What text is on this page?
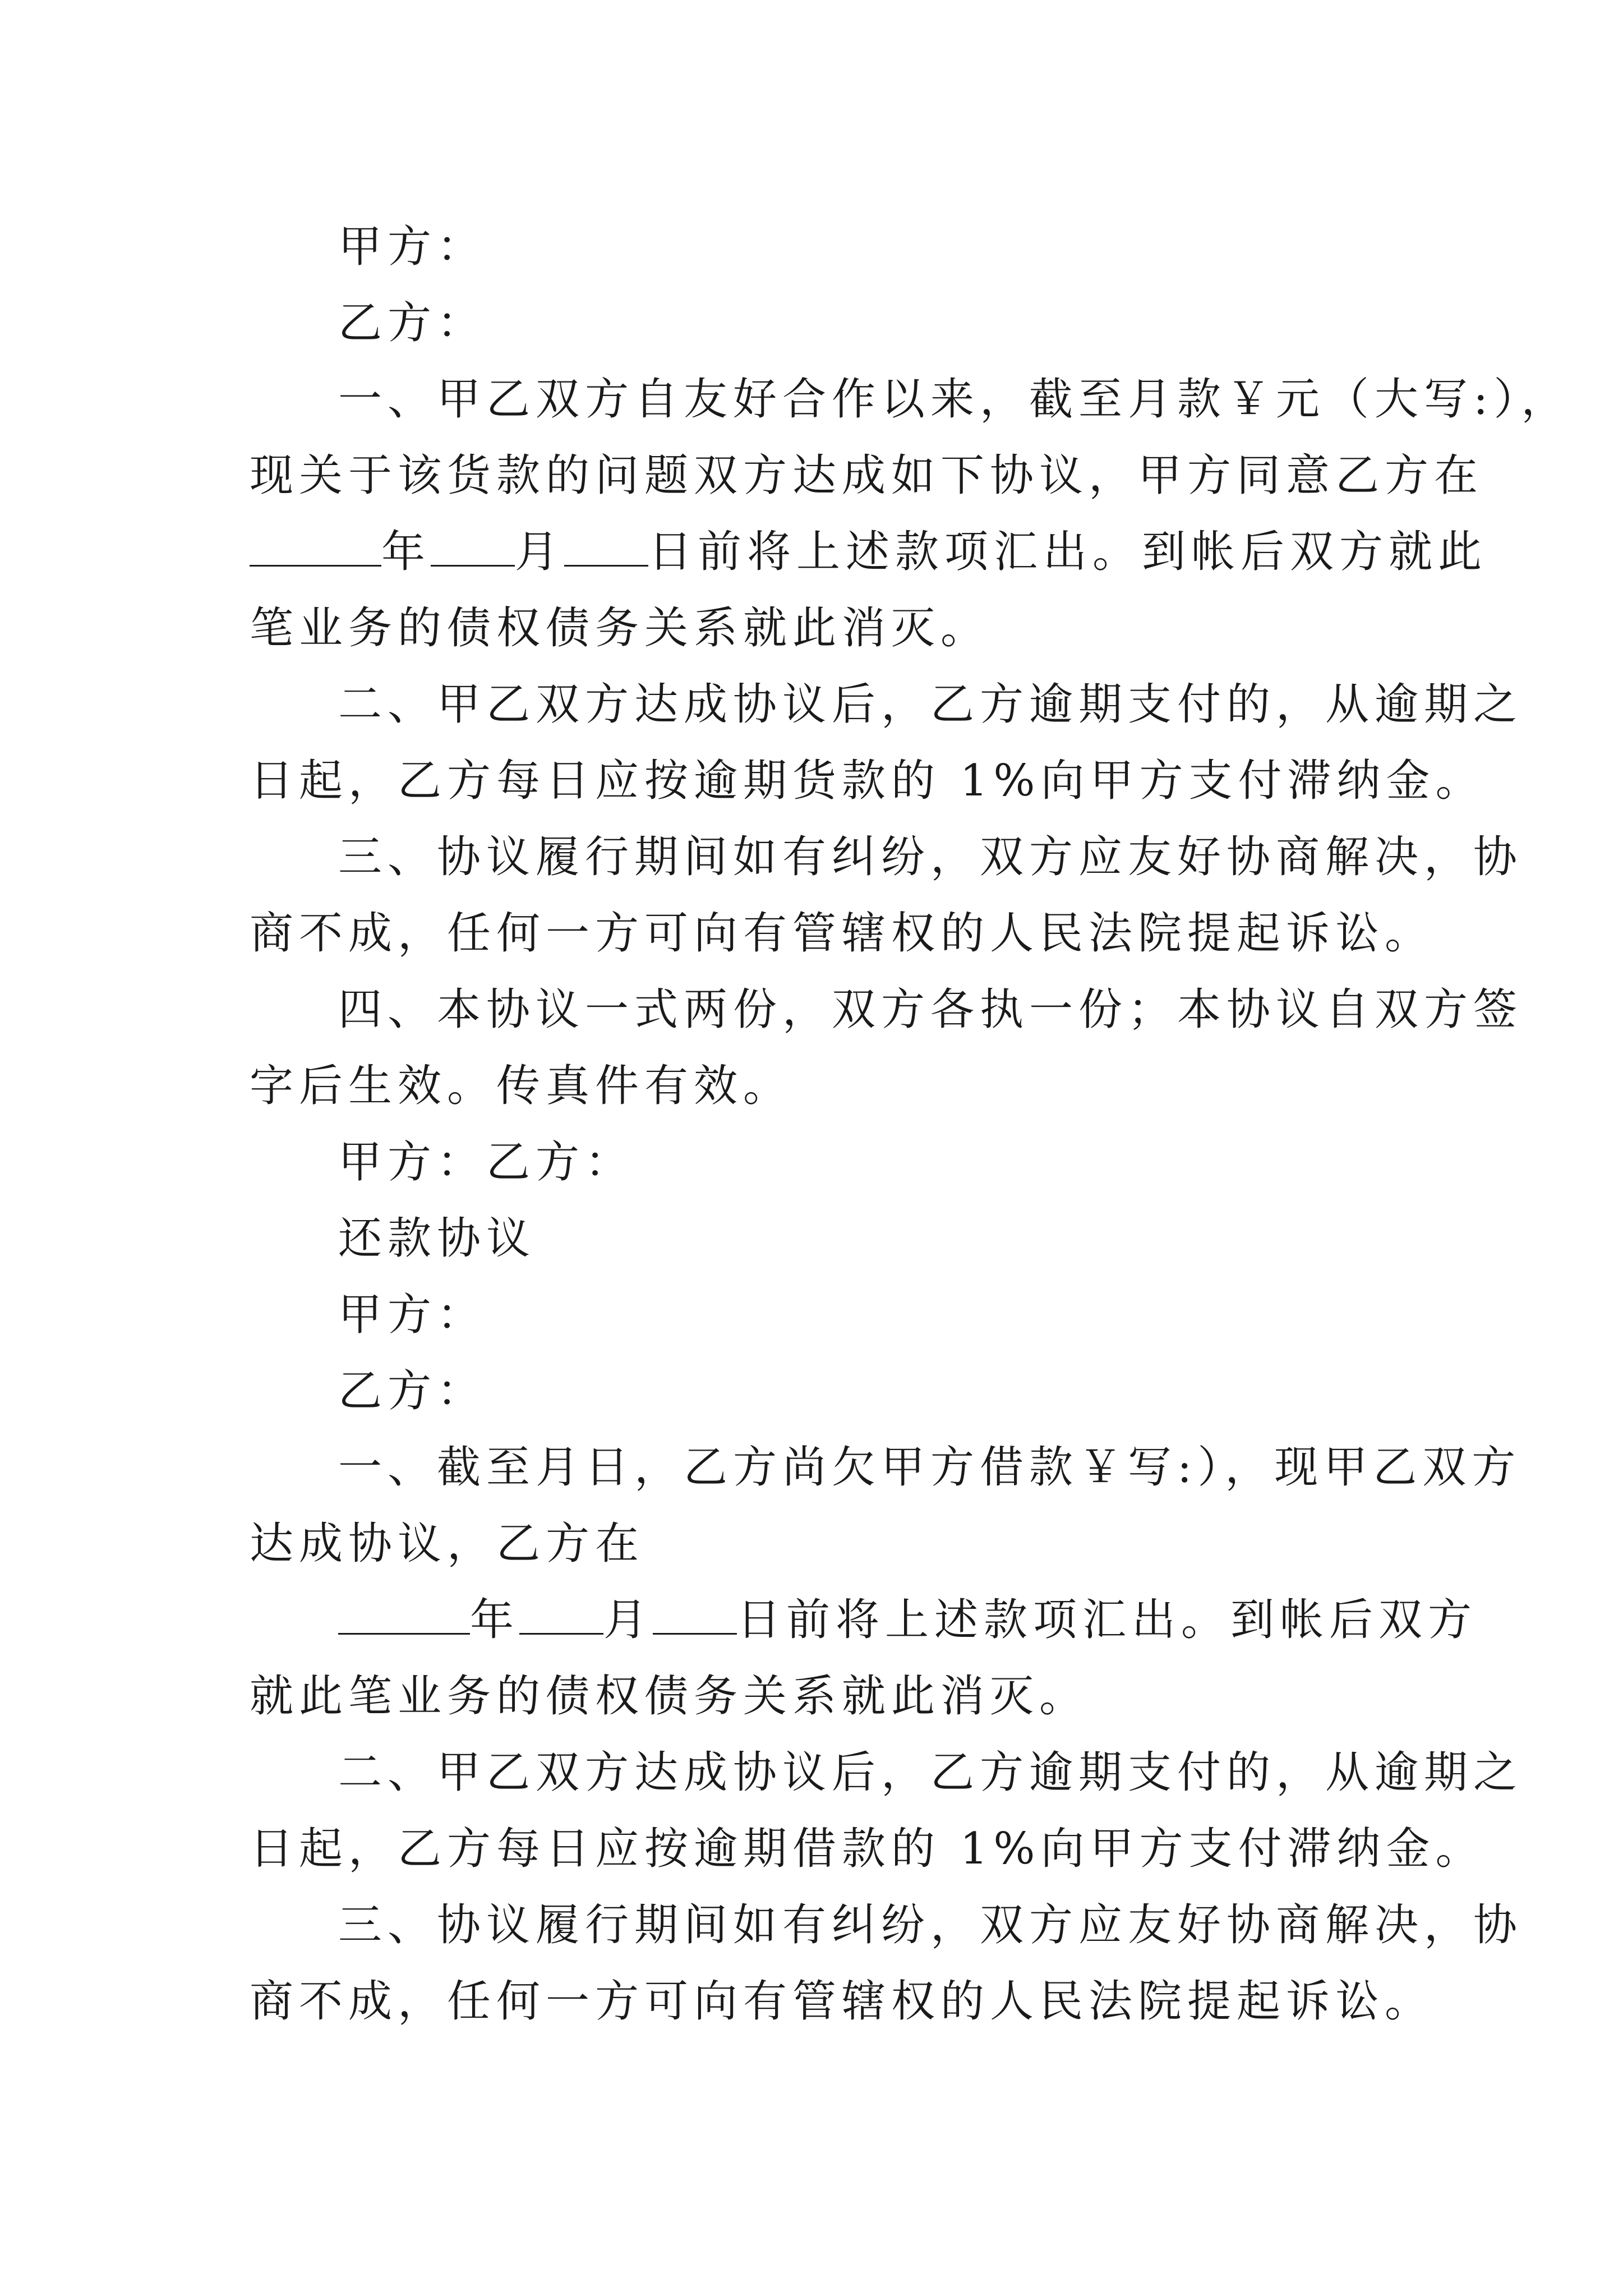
甲方：
乙方：
一、甲乙双方自友好合作以来，截至月款￥元（大写:），
现关于该货款的问题双方达成如下协议，甲方同意乙方在
年 月 日前将上述款项汇出。到帐后双方就此
笔业务的债权债务关系就此消灭。
二、甲乙双方达成协议后，乙方逾期支付的，从逾期之
日起，乙方每日应按逾期货款的 1%向甲方支付滞纳金。
三、协议履行期间如有纠纷，双方应友好协商解决，协
商不成，任何一方可向有管辖权的人民法院提起诉讼。
四、本协议一式两份，双方各执一份；本协议自双方签
字后生效。传真件有效。
甲方：乙方：
还款协议
甲方：
乙方：
一、截至月日，乙方尚欠甲方借款￥写:），现甲乙双方
达成协议，乙方在
年 月 日前将上述款项汇出。到帐后双方
就此笔业务的债权债务关系就此消灭。
二、甲乙双方达成协议后，乙方逾期支付的，从逾期之
日起，乙方每日应按逾期借款的 1%向甲方支付滞纳金。
三、协议履行期间如有纠纷，双方应友好协商解决，协
商不成，任何一方可向有管辖权的人民法院提起诉讼。
